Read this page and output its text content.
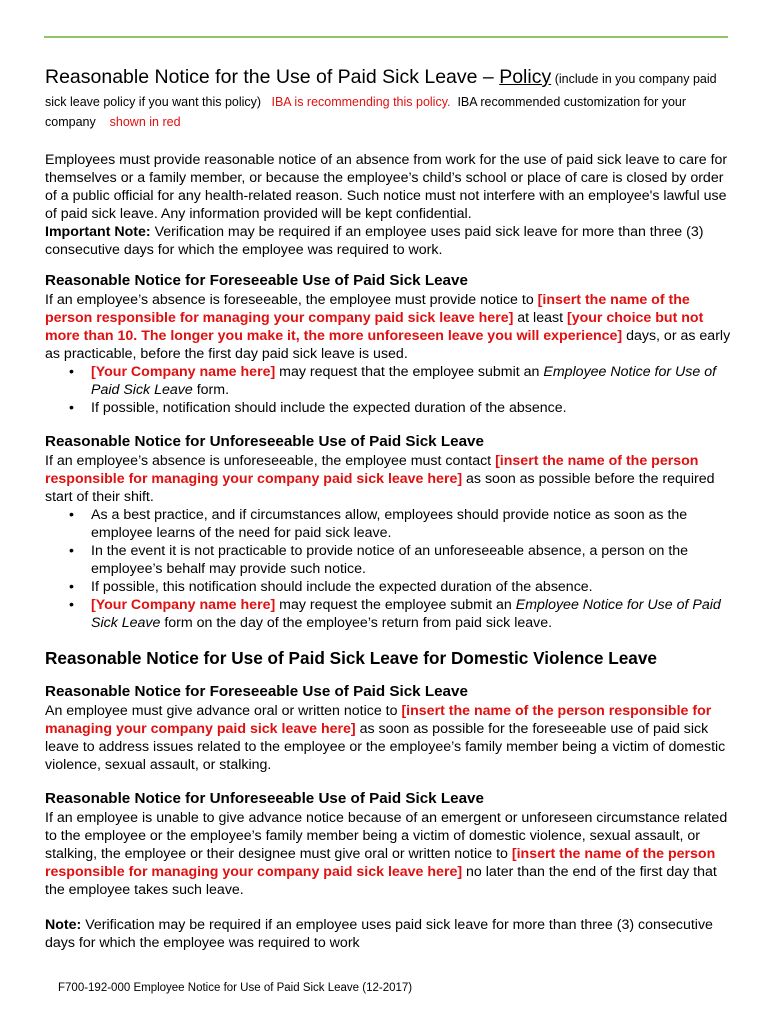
Reasonable Notice for the Use of Paid Sick Leave – Policy (include in you company paid
sick leave policy if you want this policy) IBA is recommending this policy. IBA recommended customization for your
company shown in red

Employees must provide reasonable notice of an absence from work for the use of paid sick leave to care for themselves or a family member, or because the employee’s child’s school or place of care is closed by order of a public official for any health-related reason. Such notice must not interfere with an employee's lawful use of paid sick leave. Any information provided will be kept confidential.
Important Note: Verification may be required if an employee uses paid sick leave for more than three (3) consecutive days for which the employee was required to work.

Reasonable Notice for Foreseeable Use of Paid Sick Leave

If an employee’s absence is foreseeable, the employee must provide notice to [insert the name of the person responsible for managing your company paid sick leave here] at least [your choice but not more than 10. The longer you make it, the more unforeseen leave you will experience] days, or as early as practicable, before the first day paid sick leave is used.

• [Your Company name here] may request that the employee submit an Employee Notice for Use of Paid Sick Leave form.
• If possible, notification should include the expected duration of the absence.
Reasonable Notice for Unforeseeable Use of Paid Sick Leave

If an employee’s absence is unforeseeable, the employee must contact [insert the name of the person responsible for managing your company paid sick leave here] as soon as possible before the required start of their shift.

• As a best practice, and if circumstances allow, employees should provide notice as soon as the employee learns of the need for paid sick leave.
• In the event it is not practicable to provide notice of an unforeseeable absence, a person on the employee’s behalf may provide such notice.
• If possible, this notification should include the expected duration of the absence.
• [Your Company name here] may request the employee submit an Employee Notice for Use of Paid Sick Leave form on the day of the employee’s return from paid sick leave.
Reasonable Notice for Use of Paid Sick Leave for Domestic Violence Leave
Reasonable Notice for Foreseeable Use of Paid Sick Leave

An employee must give advance oral or written notice to [insert the name of the person responsible for managing your company paid sick leave here] as soon as possible for the foreseeable use of paid sick leave to address issues related to the employee or the employee’s family member being a victim of domestic violence, sexual assault, or stalking.

Reasonable Notice for Unforeseeable Use of Paid Sick Leave

If an employee is unable to give advance notice because of an emergent or unforeseen circumstance related to the employee or the employee’s family member being a victim of domestic violence, sexual assault, or stalking, the employee or their designee must give oral or written notice to [insert the name of the person responsible for managing your company paid sick leave here] no later than the end of the first day that the employee takes such leave.

Note: Verification may be required if an employee uses paid sick leave for more than three (3) consecutive days for which the employee was required to work

F700-192-000 Employee Notice for Use of Paid Sick Leave (12-2017)
